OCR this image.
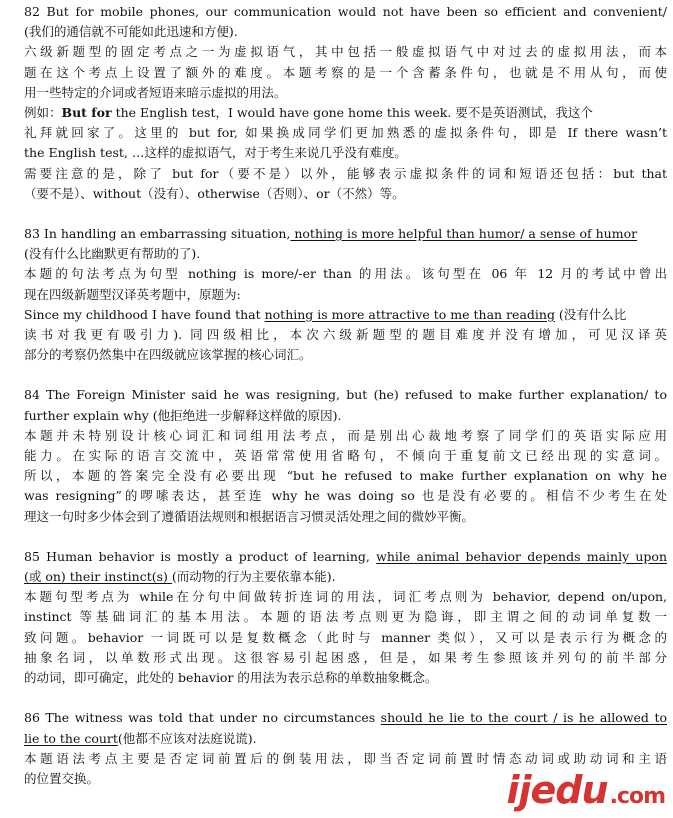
82 But for mobile phones, our communication would not have been so efficient and convenient/
(我们的通信就不可能如此迅速和方便).
六级新题型的固定考点之一为虚拟语气，其中包括一般虚拟语气中对过去的虚拟用法，而本
题在这个考点上设置了额外的难度。本题考察的是一个含蓄条件句，也就是不用从句，而使
用一些特定的介词或者短语来暗示虚拟的用法。
例如：But for the English test，I would have gone home this week. 要不是英语测试，我这个
礼拜就回家了。这里的 but for, 如果换成同学们更加熟悉的虚拟条件句，即是 If there wasn’t
the English test, …这样的虚拟语气，对于考生来说几乎没有难度。
需要注意的是，除了 but for（要不是）以外，能够表示虚拟条件的词和短语还包括：but that
（要不是）、without（没有）、otherwise（否则）、or（不然）等。
83 In handling an embarrassing situation, nothing is more helpful than humor/ a sense of humor
(没有什么比幽默更有帮助的了).
本题的句法考点为句型 nothing is more/-er than 的用法。该句型在 06 年 12 月的考试中曾出
现在四级新题型汉译英考题中，原题为:
Since my childhood I have found that nothing is more attractive to me than reading (没有什么比
读书对我更有吸引力). 同四级相比，本次六级新题型的题目难度并没有增加，可见汉译英
部分的考察仍然集中在四级就应该掌握的核心词汇。
84 The Foreign Minister said he was resigning, but (he) refused to make further explanation/ to
further explain why (他拒绝进一步解释这样做的原因).
本题并未特别设计核心词汇和词组用法考点，而是别出心裁地考察了同学们的英语实际应用
能力。在实际的语言交流中，英语常常使用省略句，不倾向于重复前文已经出现的实意词。
所以，本题的答案完全没有必要出现 “but he refused to make further explanation on why he
was resigning”的啰嗦表达，甚至连 why he was doing so 也是没有必要的。相信不少考生在处
理这一句时多少体会到了遵循语法规则和根据语言习惯灵活处理之间的微妙平衡。
85 Human behavior is mostly a product of learning, while animal behavior depends mainly upon
(或 on) their instinct(s) (而动物的行为主要依靠本能).
本题句型考点为 while在分句中间做转折连词的用法，词汇考点则为 behavior, depend on/upon,
instinct 等基础词汇的基本用法。本题的语法考点则更为隐诲，即主谓之间的动词单复数一
致问题。behavior 一词既可以是复数概念（此时与 manner 类似），又可以是表示行为概念的
抽象名词，以单数形式出现。这很容易引起困惑，但是，如果考生参照该并列句的前半部分
的动词，即可确定，此处的 behavior 的用法为表示总称的单数抽象概念。
86 The witness was told that under no circumstances should he lie to the court / is he allowed to
lie to the court(他都不应该对法庭说谎).
本题语法考点主要是否定词前置后的倒装用法，即当否定词前置时情态动词或助动词和主语
的位置交换。	ijedu.com
